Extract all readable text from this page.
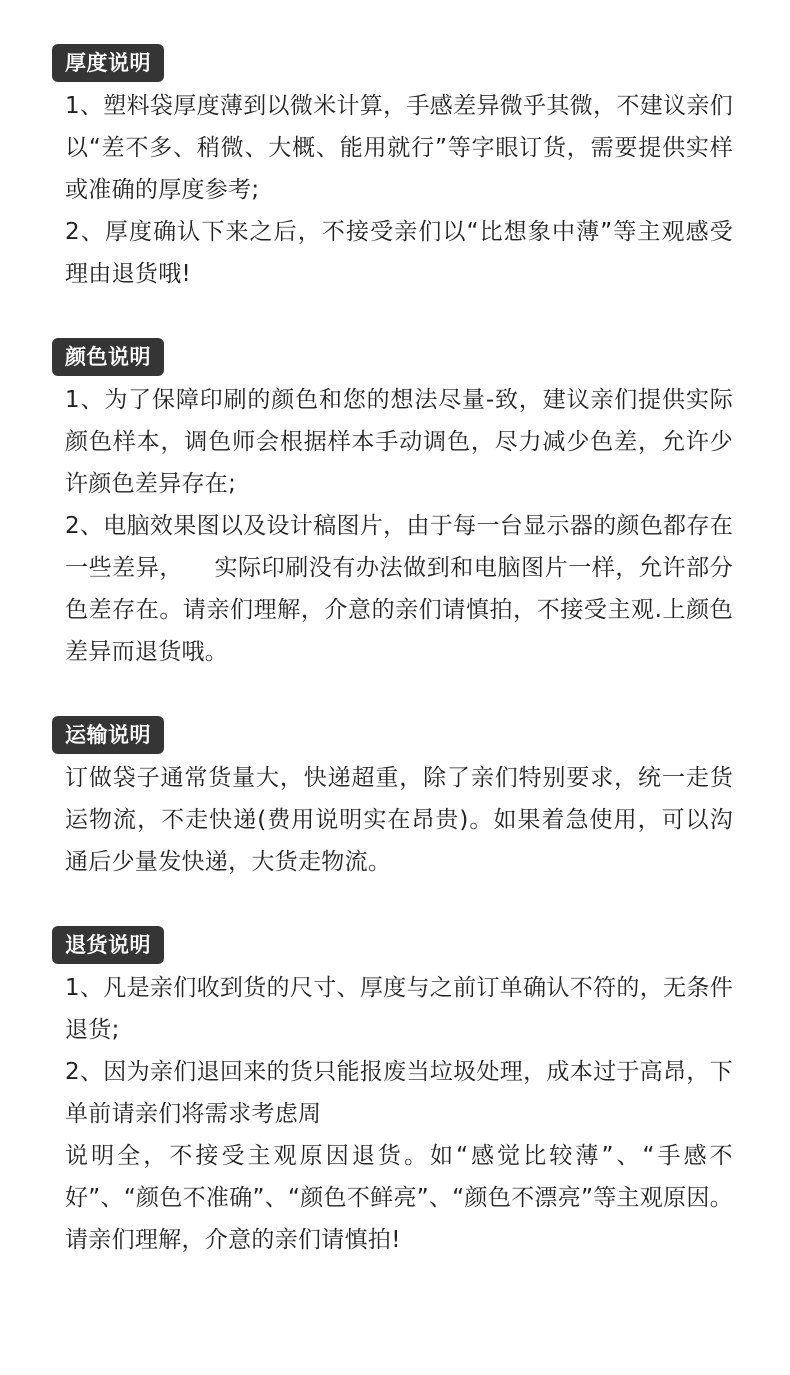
厚度说明

1、塑料袋厚度薄到以微米计算，手感差异微乎其微，不建议亲们以“差不多、稍微、大概、能用就行”等字眼订货，需要提供实样或准确的厚度参考;

2、厚度确认下来之后，不接受亲们以“比想象中薄”等主观感受理由退货哦!

颜色说明

1、为了保障印刷的颜色和您的想法尽量-致，建议亲们提供实际颜色样本，调色师会根据样本手动调色，尽力减少色差，允许少许颜色差异存在;

2、电脑效果图以及设计稿图片，由于每一台显示器的颜色都存在一些差异，    实际印刷没有办法做到和电脑图片一样，允许部分色差存在。请亲们理解，介意的亲们请慎拍，不接受主观.上颜色差异而退货哦。

运输说明

订做袋子通常货量大，快递超重，除了亲们特别要求，统一走货运物流，不走快递(费用说明实在昂贵)。如果着急使用，可以沟通后少量发快递，大货走物流。

退货说明

1、凡是亲们收到货的尺寸、厚度与之前订单确认不符的，无条件退货;

2、因为亲们退回来的货只能报废当垃圾处理，成本过于高昂，下单前请亲们将需求考虑周

说明全，不接受主观原因退货。如“感觉比较薄”、“手感不好”、“颜色不准确”、“颜色不鲜亮”、“颜色不漂亮”等主观原因。请亲们理解，介意的亲们请慎拍!
